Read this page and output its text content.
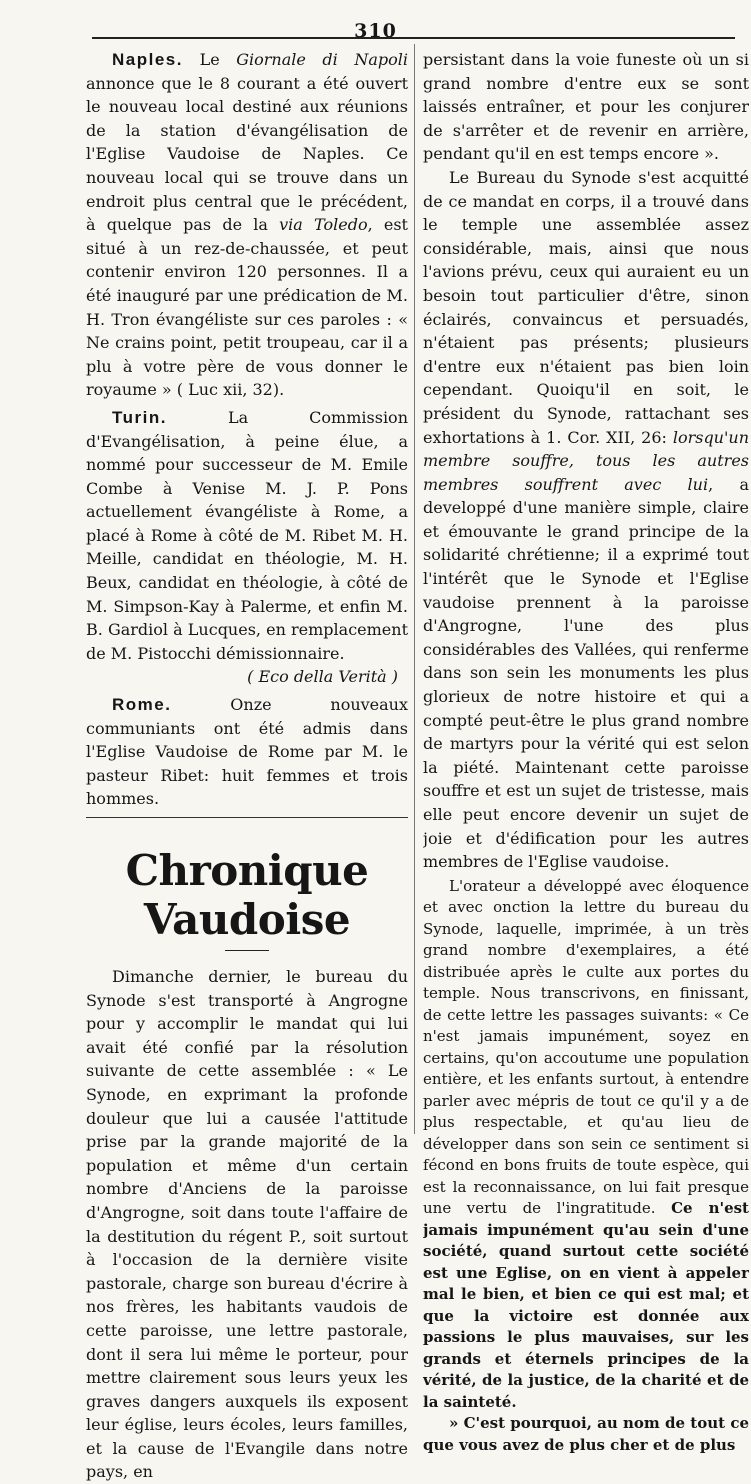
310

Naples. Le Giornale di Napoli annonce que le 8 courant a été ouvert le nouveau local destiné aux réunions de la station d'évangélisation de l'Eglise Vaudoise de Naples. Ce nouveau local qui se trouve dans un endroit plus central que le précédent, à quelque pas de la via Toledo, est situé à un rez-de-chaussée, et peut contenir environ 120 personnes. Il a été inauguré par une prédication de M. H. Tron évangéliste sur ces paroles : « Ne crains point, petit troupeau, car il a plu à votre père de vous donner le royaume » ( Luc xii, 32).

Turin. La Commission d'Evangélisation, à peine élue, a nommé pour successeur de M. Emile Combe à Venise M. J. P. Pons actuellement évangéliste à Rome, a placé à Rome à côté de M. Ribet M. H. Meille, candidat en théologie, M. H. Beux, candidat en théologie, à côté de M. Simpson-Kay à Palerme, et enfin M. B. Gardiol à Lucques, en remplacement de M. Pistocchi démissionnaire.

( Eco della Verità )

Rome. Onze nouveaux communiants ont été admis dans l'Eglise Vaudoise de Rome par M. le pasteur Ribet: huit femmes et trois hommes.

Chronique Vaudoise

Dimanche dernier, le bureau du Synode s'est transporté à Angrogne pour y accomplir le mandat qui lui avait été confié par la résolution suivante de cette assemblée : « Le Synode, en exprimant la profonde douleur que lui a causée l'attitude prise par la grande majorité de la population et même d'un certain nombre d'Anciens de la paroisse d'Angrogne, soit dans toute l'affaire de la destitution du régent P., soit surtout à l'occasion de la dernière visite pastorale, charge son bureau d'écrire à nos frères, les habitants vaudois de cette paroisse, une lettre pastorale, dont il sera lui même le porteur, pour mettre clairement sous leurs yeux les graves dangers auxquels ils exposent leur église, leurs écoles, leurs familles, et la cause de l'Evangile dans notre pays, en

persistant dans la voie funeste où un si grand nombre d'entre eux se sont laissés entraîner, et pour les conjurer de s'arrêter et de revenir en arrière, pendant qu'il en est temps encore ».

Le Bureau du Synode s'est acquitté de ce mandat en corps, il a trouvé dans le temple une assemblée assez considérable, mais, ainsi que nous l'avions prévu, ceux qui auraient eu un besoin tout particulier d'être, sinon éclairés, convaincus et persuadés, n'étaient pas présents; plusieurs d'entre eux n'étaient pas bien loin cependant. Quoiqu'il en soit, le président du Synode, rattachant ses exhortations à 1. Cor. XII, 26: lorsqu'un membre souffre, tous les autres membres souffrent avec lui, a developpé d'une manière simple, claire et émouvante le grand principe de la solidarité chrétienne; il a exprimé tout l'intérêt que le Synode et l'Eglise vaudoise prennent à la paroisse d'Angrogne, l'une des plus considérables des Vallées, qui renferme dans son sein les monuments les plus glorieux de notre histoire et qui a compté peut-être le plus grand nombre de martyrs pour la vérité qui est selon la piété. Maintenant cette paroisse souffre et est un sujet de tristesse, mais elle peut encore devenir un sujet de joie et d'édification pour les autres membres de l'Eglise vaudoise.

L'orateur a développé avec éloquence et avec onction la lettre du bureau du Synode, laquelle, imprimée, à un très grand nombre d'exemplaires, a été distribuée après le culte aux portes du temple. Nous transcrivons, en finissant, de cette lettre les passages suivants: « Ce n'est jamais impunément, soyez en certains, qu'on accoutume une population entière, et les enfants surtout, à entendre parler avec mépris de tout ce qu'il y a de plus respectable, et qu'au lieu de développer dans son sein ce sentiment si fécond en bons fruits de toute espèce, qui est la reconnaissance, on lui fait presque une vertu de l'ingratitude. Ce n'est jamais impunément qu'au sein d'une société, quand surtout cette société est une Eglise, on en vient à appeler mal le bien, et bien ce qui est mal; et que la victoire est donnée aux passions le plus mauvaises, sur les grands et éternels principes de la vérité, de la justice, de la charité et de la sainteté.

» C'est pourquoi, au nom de tout ce que vous avez de plus cher et de plus
